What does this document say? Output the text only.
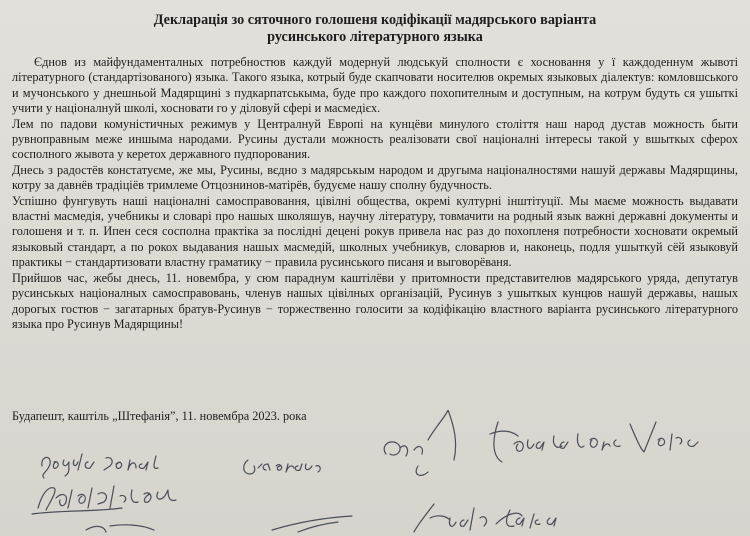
Декларація зо сяточного голошеня кодіфікації мадярського варіанта
русинського літературного языка

Єднов из майфундаменталных потребностюв каждуй модернуй людськуй сполности є хосновання у ї каждоденнум жывоті літературного (стандартізованого) языка. Такого языка, котрый буде скапчовати носителюв окремых языковых діалектув: комловшського и мучонського у днешньой Мадярщині з пудкарпатськыма, буде про каждого похопителным и доступным, на котрум будуть ся ушыткі учити у націоналнуй школі, хосновати го у діловуй сфері и масмедієх.

Лем по падови комуністичных режимув у Централнуй Европі на кунцёви минулого століття наш народ дустав можность быти рувноправным меже иншыма народами. Русины дустали можность реалізовати свої націоналні інтересы такой у вшыткых сферох сосполного жывота у керетох державного пудпорования.

Днесь з радостёв констатуєме, же мы, Русины, вєдно з мадярськым народом и другыма націоналностями нашуй державы Мадярщины, котру за давнёв традіціёв тримлеме Отцознинов-матірёв, будуєме нашу сполну будучность.

Успішно фунгувуть наші націоналні самосправовання, цівілні общества, окремі културні інштітуції. Мы маєме можность выдавати властні масмедія, учебникы и словарі про нашых школяшув, научну літературу, товмачити на родный язык важні державні документы и голошеня и т. п. Ипен сеся сосполна практіка за послідні децені рокув привела нас раз до похопленя потребности хосновати окремый языковый стандарт, а по рокох выдавания нашых масмедій, школных учебникув, словарюв и, наконець, подля ушыткуй сёй языковуй практикы − стандартизовати властну граматику − правила русинського писаня и выговорёваня.

Прийшов час, жебы днесь, 11. новембра, у сюм параднум каштілёви у притомности представителюв мадярського уряда, депутатув русинськых націоналных самосправовань, членув нашых цівілных організацій, Русинув з ушыткых кунцюв нашуй державы, нашых дорогых гостюв − загатарных братув-Русинув − торжественно голосити за кодіфікацію властного варіанта русинського літературного языка про Русинув Мадярщины!

Будапешт, каштіль „Штефанія”, 11. новембра 2023. рока
